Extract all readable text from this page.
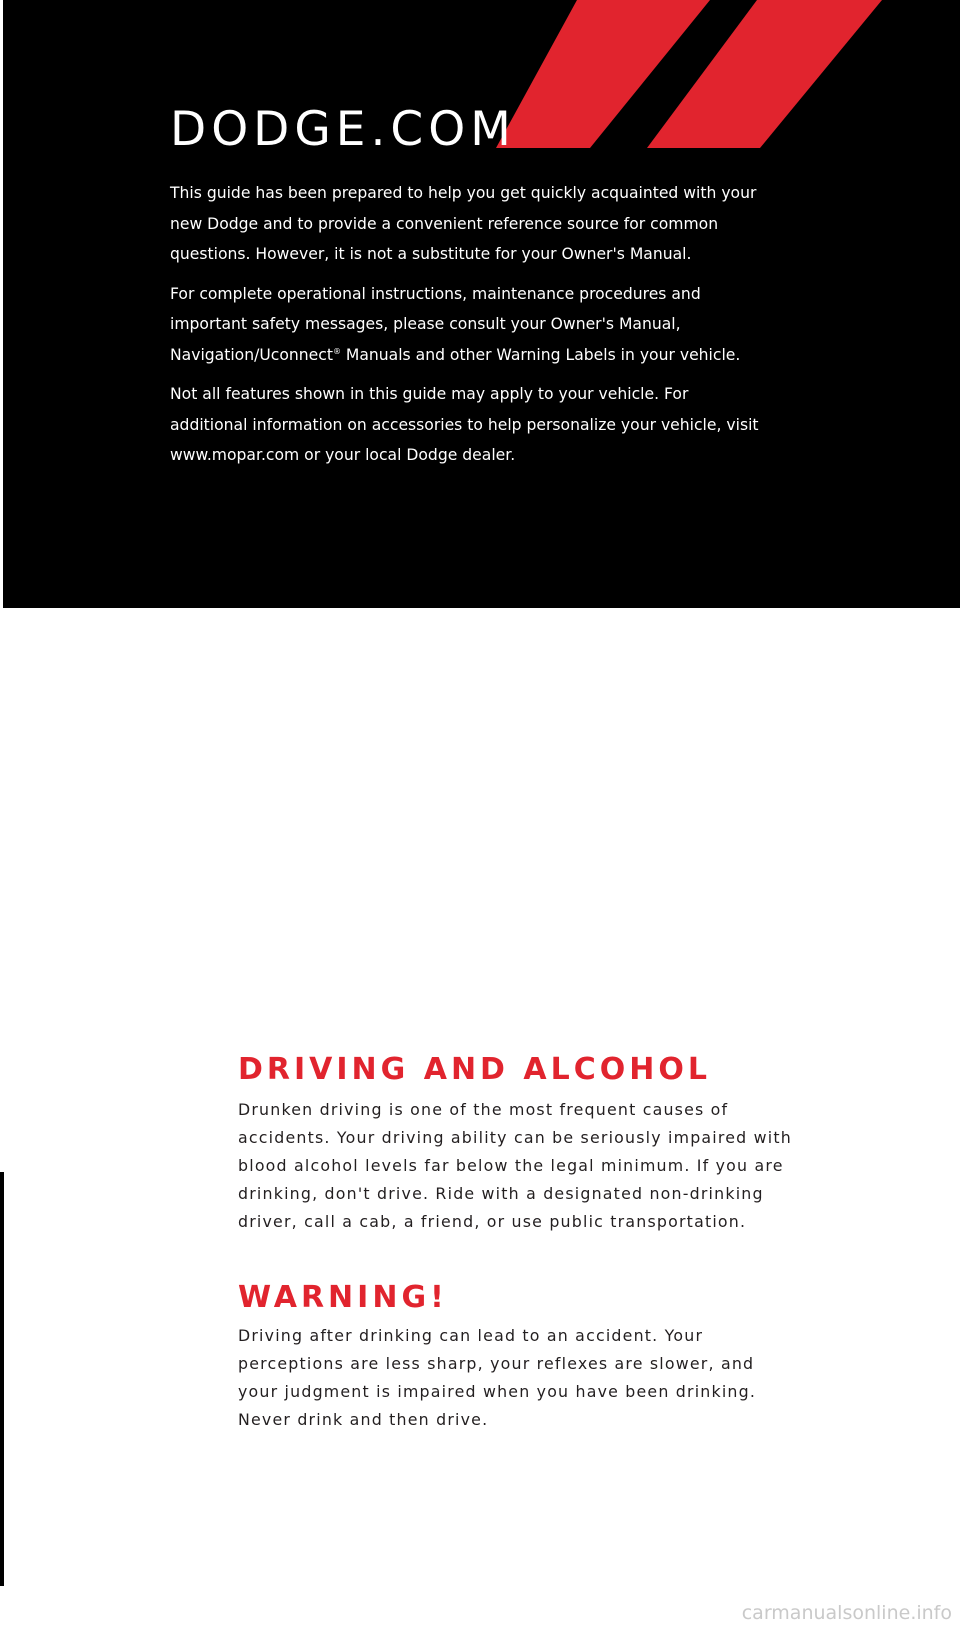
DODGE.COM

This guide has been prepared to help you get quickly acquainted with your new Dodge and to provide a convenient reference source for common questions. However, it is not a substitute for your Owner's Manual.

For complete operational instructions, maintenance procedures and important safety messages, please consult your Owner's Manual, Navigation/Uconnect® Manuals and other Warning Labels in your vehicle.

Not all features shown in this guide may apply to your vehicle. For additional information on accessories to help personalize your vehicle, visit www.mopar.com or your local Dodge dealer.

DRIVING AND ALCOHOL

Drunken driving is one of the most frequent causes of accidents. Your driving ability can be seriously impaired with blood alcohol levels far below the legal minimum. If you are drinking, don't drive. Ride with a designated non-drinking driver, call a cab, a friend, or use public transportation.

WARNING!

Driving after drinking can lead to an accident. Your perceptions are less sharp, your reflexes are slower, and your judgment is impaired when you have been drinking. Never drink and then drive.

carmanualsonline.info
